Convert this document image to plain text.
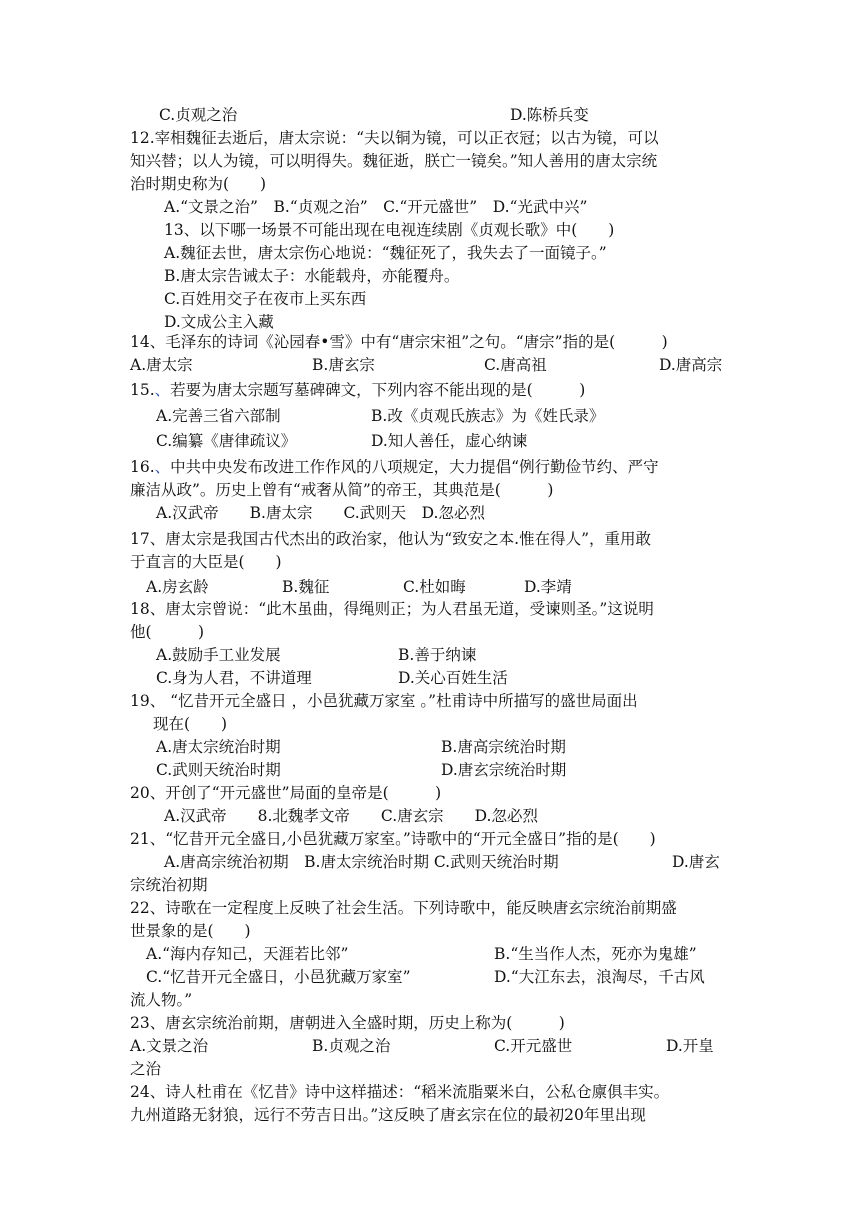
C.贞观之治	D.陈桥兵变
12.宰相魏征去逝后，唐太宗说：“夫以铜为镜，可以正衣冠；以古为镜，可以
知兴替；以人为镜，可以明得失。魏征逝，朕亡一镜矣。”知人善用的唐太宗统
治时期史称为(　　)
A.“文景之治”　B.“贞观之治”　C.“开元盛世”　D.“光武中兴”
13、以下哪一场景不可能出现在电视连续剧《贞观长歌》中(　　)
A.魏征去世，唐太宗伤心地说：“魏征死了，我失去了一面镜子。”
B.唐太宗告诫太子：水能载舟，亦能覆舟。
C.百姓用交子在夜市上买东西
D.文成公主入藏
14、毛泽东的诗词《沁园春•雪》中有“唐宗宋祖”之句。“唐宗”指的是(　　　)
A.唐太宗	B.唐玄宗	C.唐高祖	D.唐高宗
15.、若要为唐太宗题写墓碑碑文，下列内容不能出现的是(　　　)
A.完善三省六部制	B.改《贞观氏族志》为《姓氏录》
C.编纂《唐律疏议》	D.知人善任，虚心纳谏
16.、中共中央发布改进工作作风的八项规定，大力提倡“例行勤俭节约、严守
廉洁从政”。历史上曾有“戒奢从简”的帝王，其典范是(　　　)
A.汉武帝　　B.唐太宗　　C.武则天　D.忽必烈
17、唐太宗是我国古代杰出的政治家，他认为“致安之本.惟在得人”，重用敢
于直言的大臣是(　　)
A.房玄龄	B.魏征	C.杜如晦	D.李靖
18、唐太宗曾说：“此木虽曲，得绳则正；为人君虽无道，受谏则圣。”这说明
他(　　　)
A.鼓励手工业发展	B.善于纳谏
C.身为人君，不讲道理	D.关心百姓生活
19、 “忆昔开元全盛日 ，小邑犹藏万家室 。”杜甫诗中所描写的盛世局面出
现在(　　)
A.唐太宗统治时期	B.唐高宗统治时期
C.武则天统治时期	D.唐玄宗统治时期
20、开创了“开元盛世”局面的皇帝是(　　　)
A.汉武帝　　8.北魏孝文帝　　C.唐玄宗　　D.忽必烈
21、“忆昔开元全盛日,小邑犹藏万家室。”诗歌中的“开元全盛日”指的是(　　)
A.唐高宗统治初期　B.唐太宗统治时期 C.武则天统治时期	D.唐玄
宗统治初期
22、诗歌在一定程度上反映了社会生活。下列诗歌中，能反映唐玄宗统治前期盛
世景象的是(　　)
A.“海内存知己，天涯若比邻”	B.“生当作人杰，死亦为鬼雄”
C.“忆昔开元全盛日，小邑犹藏万家室”	D.“大江东去，浪淘尽，千古风
流人物。”
23、唐玄宗统治前期，唐朝进入全盛时期，历史上称为(　　　)
A.文景之治	B.贞观之治	C.开元盛世	D.开皇
之治
24、诗人杜甫在《忆昔》诗中这样描述：“稻米流脂粟米白，公私仓廪俱丰实。
九州道路无豺狼，远行不劳吉日出。”这反映了唐玄宗在位的最初20年里出现
